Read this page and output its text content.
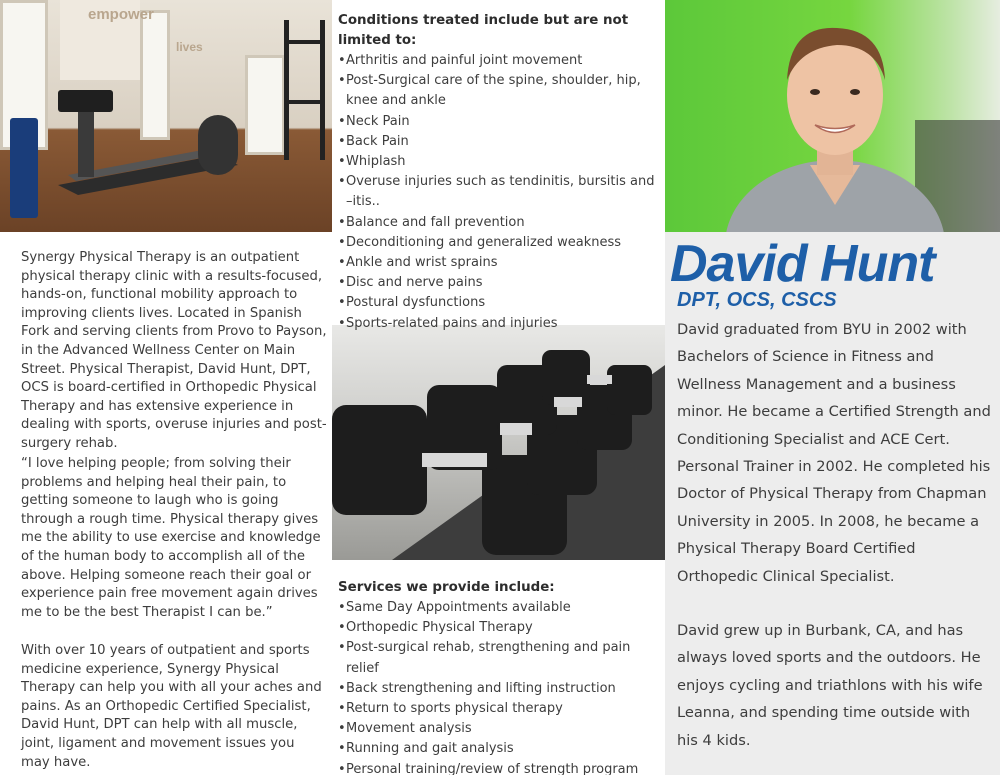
empower
lives
David Hunt
DPT, OCS, CSCS

David graduated from BYU in 2002 with Bachelors of Science in Fitness and Wellness Management and a business minor. He became a Certified Strength and Conditioning Specialist and ACE Cert. Personal Trainer in 2002. He completed his Doctor of Physical Therapy from Chapman University in 2005. In 2008, he became a Physical Therapy Board Certified Orthopedic Clinical Specialist.

David grew up in Burbank, CA, and has always loved sports and the outdoors. He enjoys cycling and triathlons with his wife Leanna, and spending time outside with his 4 kids.

Synergy Physical Therapy is an outpatient physical therapy clinic with a results-focused, hands-on, functional mobility approach to improving clients lives. Located in Spanish Fork and serving clients from Provo to Payson, in the Advanced Wellness Center on Main Street. Physical Therapist, David Hunt, DPT, OCS is board-certified in Orthopedic Physical Therapy and has extensive experience in dealing with sports, overuse injuries and post-surgery rehab.

“I love helping people; from solving their problems and helping heal their pain, to getting someone to laugh who is going through a rough time. Physical therapy gives me the ability to use exercise and knowledge of the human body to accomplish all of the above. Helping someone reach their goal or experience pain free movement again drives me to be the best Therapist I can be.”

With over 10 years of outpatient and sports medicine experience, Synergy Physical Therapy can help you with all your aches and pains. As an Orthopedic Certified Specialist, David Hunt, DPT can help with all muscle, joint, ligament and movement issues you may have.

Conditions treated include but are not limited to:
•Arthritis and painful joint movement
•Post-Surgical care of the spine, shoulder, hip, knee and ankle
•Neck Pain
•Back Pain
•Whiplash
•Overuse injuries such as tendinitis, bursitis and –itis..
•Balance and fall prevention
•Deconditioning and generalized weakness
•Ankle and wrist sprains
•Disc and nerve pains
•Postural dysfunctions
•Sports-related pains and injuries
Services we provide include:
•Same Day Appointments available
•Orthopedic Physical Therapy
•Post-surgical rehab, strengthening and pain relief
•Back strengthening and lifting instruction
•Return to sports physical therapy
•Movement analysis
•Running and gait analysis
•Personal training/review of strength program
